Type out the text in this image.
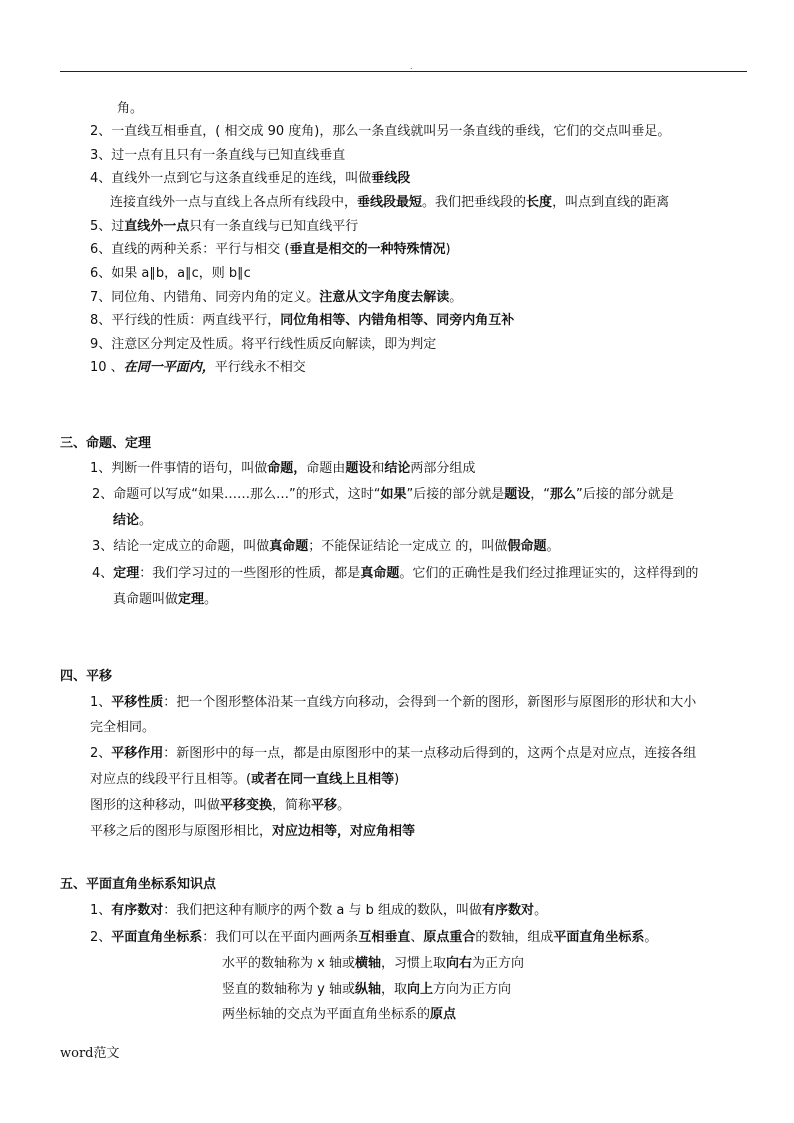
.
角。
2、一直线互相垂直，( 相交成 90 度角)，那么一条直线就叫另一条直线的垂线，它们的交点叫垂足。
3、过一点有且只有一条直线与已知直线垂直
4、直线外一点到它与这条直线垂足的连线，叫做垂线段
连接直线外一点与直线上各点所有线段中，垂线段最短。我们把垂线段的长度，叫点到直线的距离
5、过直线外一点只有一条直线与已知直线平行
6、直线的两种关系：平行与相交 (垂直是相交的一种特殊情况)
6、如果 a∥b，a∥c，则 b∥c
7、同位角、内错角、同旁内角的定义。注意从文字角度去解读。
8、平行线的性质：两直线平行，同位角相等、内错角相等、同旁内角互补
9、注意区分判定及性质。将平行线性质反向解读，即为判定
10 、在同一平面内，平行线永不相交
三、命题、定理
1、判断一件事情的语句，叫做命题，命题由题设和结论两部分组成
2、命题可以写成“如果……那么…”的形式，这时“如果”后接的部分就是题设，“那么”后接的部分就是
结论。
3、结论一定成立的命题，叫做真命题；不能保证结论一定成立 的，叫做假命题。
4、定理：我们学习过的一些图形的性质，都是真命题。它们的正确性是我们经过推理证实的，这样得到的
真命题叫做定理。
四、平移
1、平移性质：把一个图形整体沿某一直线方向移动，会得到一个新的图形，新图形与原图形的形状和大小
完全相同。
2、平移作用：新图形中的每一点，都是由原图形中的某一点移动后得到的，这两个点是对应点，连接各组
对应点的线段平行且相等。(或者在同一直线上且相等)
图形的这种移动，叫做平移变换，简称平移。
平移之后的图形与原图形相比，对应边相等，对应角相等
五、平面直角坐标系知识点
1、有序数对：我们把这种有顺序的两个数 a 与 b 组成的数队，叫做有序数对。
2、平面直角坐标系：我们可以在平面内画两条互相垂直、原点重合的数轴，组成平面直角坐标系。
水平的数轴称为 x 轴或横轴，习惯上取向右为正方向
竖直的数轴称为 y 轴或纵轴，取向上方向为正方向
两坐标轴的交点为平面直角坐标系的原点
word范文
